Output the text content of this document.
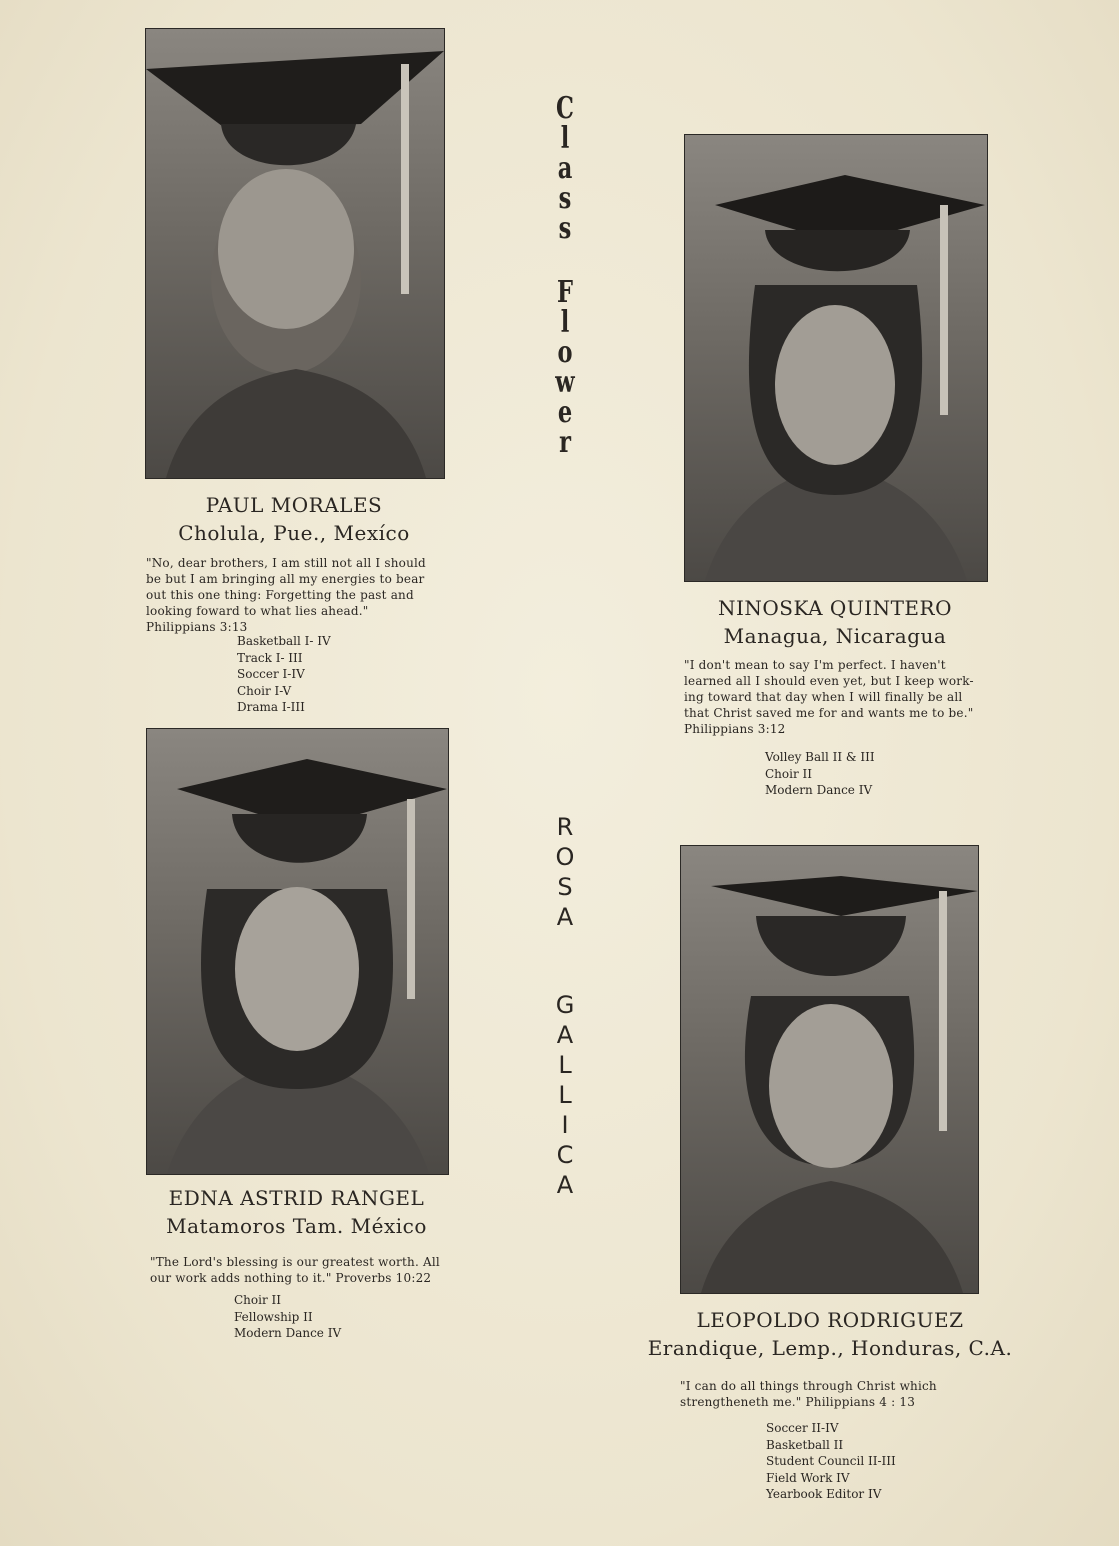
C
l
a
s
s
F
l
o
w
e
r
R
O
S
A
G
A
L
L
I
C
A
PAUL MORALES
Cholula, Pue., Mexíco
"No, dear brothers, I am still not all I should
be but I am bringing all my energies to bear
out this one thing: Forgetting the past and
looking foward to what lies ahead."
Philippians 3:13
Basketball I- IV
Track I- III
Soccer I-IV
Choir I-V
Drama I-III
NINOSKA QUINTERO
Managua, Nicaragua
"I don't mean to say I'm perfect. I haven't
learned all I should even yet, but I keep work-
ing toward that day when I will finally be all
that Christ saved me for and wants me to be."
Philippians 3:12
Volley Ball II & III
Choir II
Modern Dance IV
EDNA ASTRID RANGEL
Matamoros Tam. México
"The Lord's blessing is our greatest worth. All
our work adds nothing to it." Proverbs 10:22
Choir II
Fellowship II
Modern Dance IV
LEOPOLDO RODRIGUEZ
Erandique, Lemp., Honduras, C.A.
"I can do all things through Christ which
strengtheneth me." Philippians 4 : 13
Soccer II-IV
Basketball II
Student Council II-III
Field Work IV
Yearbook Editor IV
